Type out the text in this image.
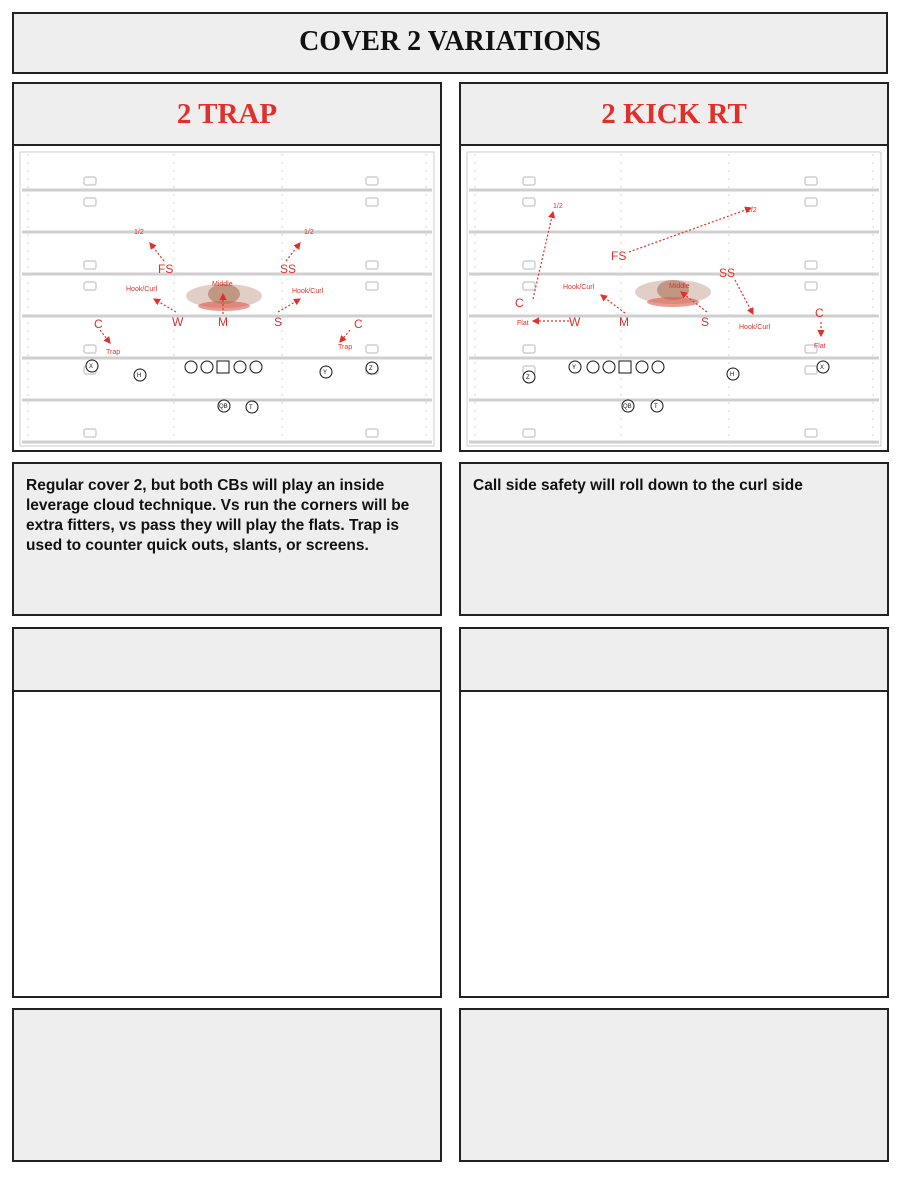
COVER 2 VARIATIONS
2 TRAP	2 KICK RT
1/2	1/2
Middle
Hook/Curl	Hook/Curl
Trap
Trap
FS	SS
C	C
W	M	S
X
H	Y
Z
QB	T
1/2
1/2
Middle
Hook/Curl
Hook/Curl
Flat
Flat
FS
SS
C
C
W	M	S
Z
Y
H
X
QB	T
Regular cover 2, but both CBs will play an inside leverage cloud technique. Vs run the corners will be extra fitters, vs pass they will play the flats. Trap is used to counter quick outs, slants, or screens.
Call side safety will roll down to the curl side
